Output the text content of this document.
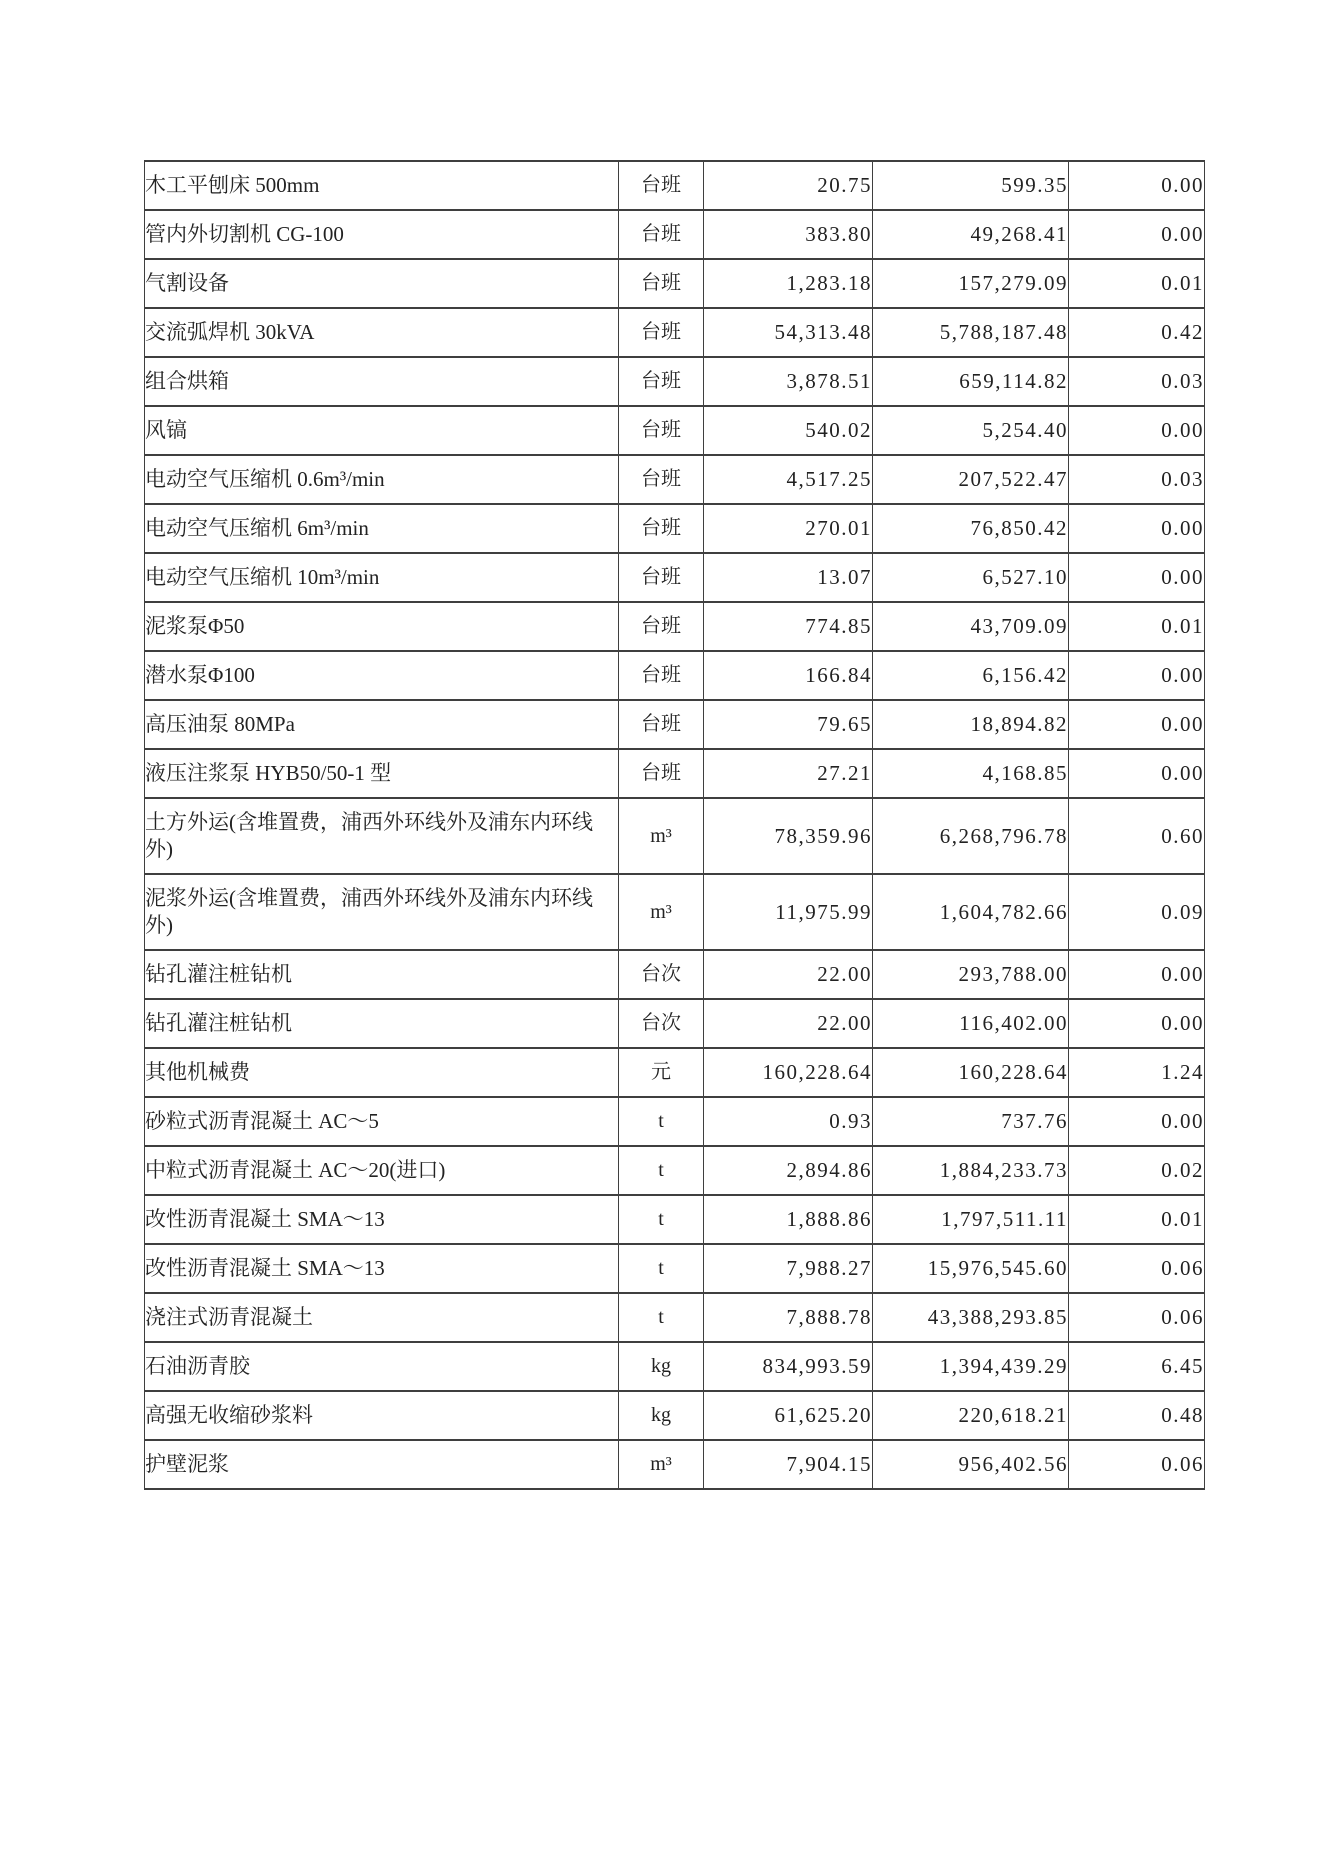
木工平刨床 500mm	台班	20.75	599.35	0.00
管内外切割机 CG-100	台班	383.80	49,268.41	0.00
气割设备	台班	1,283.18	157,279.09	0.01
交流弧焊机 30kVA	台班	54,313.48	5,788,187.48	0.42
组合烘箱	台班	3,878.51	659,114.82	0.03
风镐	台班	540.02	5,254.40	0.00
电动空气压缩机 0.6m³/min	台班	4,517.25	207,522.47	0.03
电动空气压缩机 6m³/min	台班	270.01	76,850.42	0.00
电动空气压缩机 10m³/min	台班	13.07	6,527.10	0.00
泥浆泵Φ50	台班	774.85	43,709.09	0.01
潜水泵Φ100	台班	166.84	6,156.42	0.00
高压油泵 80MPa	台班	79.65	18,894.82	0.00
液压注浆泵 HYB50/50-1 型	台班	27.21	4,168.85	0.00
土方外运(含堆置费，浦西外环线外及浦东内环线外)	m³	78,359.96	6,268,796.78	0.60
泥浆外运(含堆置费，浦西外环线外及浦东内环线外)	m³	11,975.99	1,604,782.66	0.09
钻孔灌注桩钻机	台次	22.00	293,788.00	0.00
钻孔灌注桩钻机	台次	22.00	116,402.00	0.00
其他机械费	元	160,228.64	160,228.64	1.24
砂粒式沥青混凝土 AC～5	t	0.93	737.76	0.00
中粒式沥青混凝土 AC～20(进口)	t	2,894.86	1,884,233.73	0.02
改性沥青混凝土 SMA～13	t	1,888.86	1,797,511.11	0.01
改性沥青混凝土 SMA～13	t	7,988.27	15,976,545.60	0.06
浇注式沥青混凝土	t	7,888.78	43,388,293.85	0.06
石油沥青胶	kg	834,993.59	1,394,439.29	6.45
高强无收缩砂浆料	kg	61,625.20	220,618.21	0.48
护壁泥浆	m³	7,904.15	956,402.56	0.06
